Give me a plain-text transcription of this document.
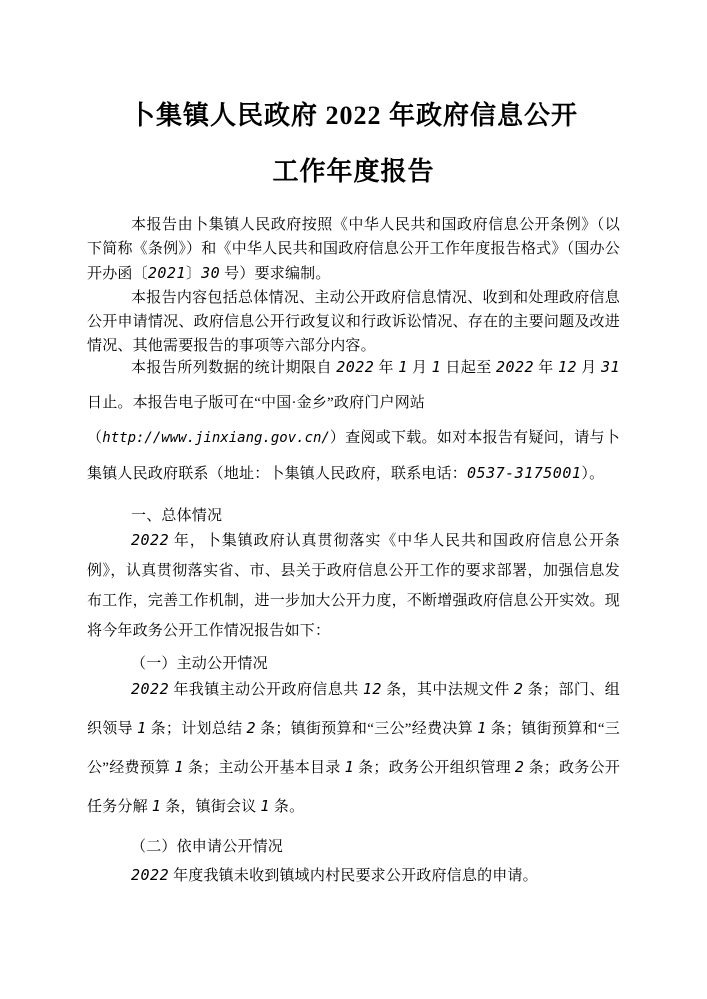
卜集镇人民政府 2022 年政府信息公开
工作年度报告

本报告由卜集镇人民政府按照《中华人民共和国政府信息公开条例》（以下简称《条例》）和《中华人民共和国政府信息公开工作年度报告格式》（国办公开办函〔2021〕30 号）要求编制。

本报告内容包括总体情况、主动公开政府信息情况、收到和处理政府信息公开申请情况、政府信息公开行政复议和行政诉讼情况、存在的主要问题及改进情况、其他需要报告的事项等六部分内容。

本报告所列数据的统计期限自 2022 年 1 月 1 日起至 2022 年 12 月 31 日止。本报告电子版可在“中国·金乡”政府门户网站
（http://www.jinxiang.gov.cn/）查阅或下载。如对本报告有疑问，请与卜集镇人民政府联系（地址：卜集镇人民政府，联系电话：0537-3175001）。

一、总体情况

2022 年，卜集镇政府认真贯彻落实《中华人民共和国政府信息公开条例》，认真贯彻落实省、市、县关于政府信息公开工作的要求部署，加强信息发布工作，完善工作机制，进一步加大公开力度，不断增强政府信息公开实效。现将今年政务公开工作情况报告如下：

（一）主动公开情况

2022 年我镇主动公开政府信息共 12 条，其中法规文件 2 条；部门、组织领导 1 条；计划总结 2 条；镇街预算和“三公”经费决算 1 条；镇街预算和“三公”经费预算 1 条；主动公开基本目录 1 条；政务公开组织管理 2 条；政务公开任务分解 1 条，镇街会议 1 条。

（二）依申请公开情况

2022 年度我镇未收到镇域内村民要求公开政府信息的申请。
